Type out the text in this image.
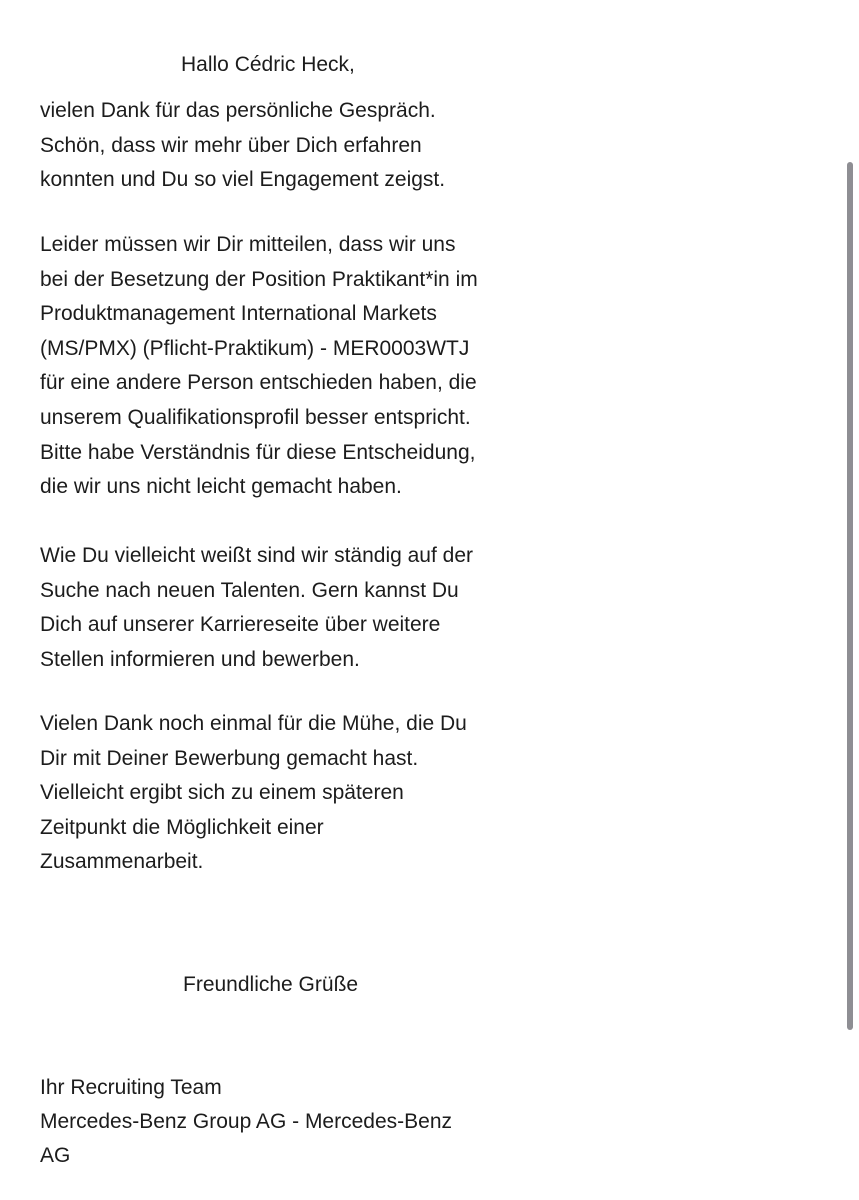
Hallo Cédric Heck,

vielen Dank für das persönliche Gespräch.
Schön, dass wir mehr über Dich erfahren
konnten und Du so viel Engagement zeigst.

Leider müssen wir Dir mitteilen, dass wir uns
bei der Besetzung der Position Praktikant*in im
Produktmanagement International Markets
(MS/PMX) (Pflicht-Praktikum) - MER0003WTJ
für eine andere Person entschieden haben, die
unserem Qualifikationsprofil besser entspricht.
Bitte habe Verständnis für diese Entscheidung,
die wir uns nicht leicht gemacht haben.

Wie Du vielleicht weißt sind wir ständig auf der
Suche nach neuen Talenten. Gern kannst Du
Dich auf unserer Karriereseite über weitere
Stellen informieren und bewerben.

Vielen Dank noch einmal für die Mühe, die Du
Dir mit Deiner Bewerbung gemacht hast.
Vielleicht ergibt sich zu einem späteren
Zeitpunkt die Möglichkeit einer
Zusammenarbeit.

Freundliche Grüße
Ihr Recruiting Team
Mercedes-Benz Group AG - Mercedes-Benz
AG
